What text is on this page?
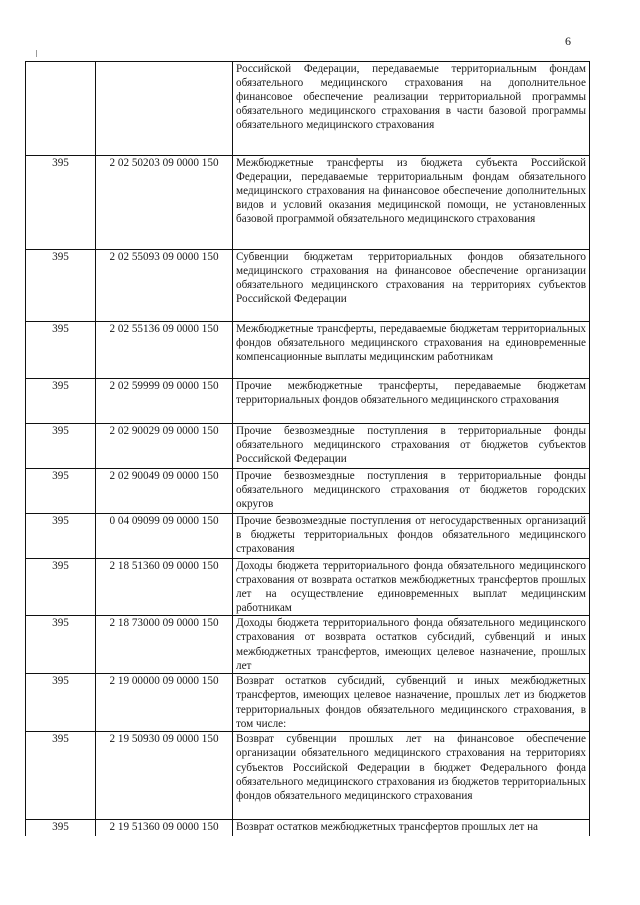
6

		Российской Федерации, передаваемые территориальным фондам обязательного медицинского страхования на дополнительное финансовое обеспечение реализации территориальной программы обязательного медицинского страхования в части базовой программы обязательного медицинского страхования

395	2 02 50203 09 0000 150	Межбюджетные трансферты из бюджета субъекта Российской Федерации, передаваемые территориальным фондам обязательного медицинского страхования на финансовое обеспечение дополнительных видов и условий оказания медицинской помощи, не установленных базовой программой обязательного медицинского страхования

395	2 02 55093 09 0000 150	Субвенции бюджетам территориальных фондов обязательного медицинского страхования на финансовое обеспечение организации обязательного медицинского страхования на территориях субъектов Российской Федерации

395	2 02 55136 09 0000 150	Межбюджетные трансферты, передаваемые бюджетам территориальных фондов обязательного медицинского страхования на единовременные компенсационные выплаты медицинским работникам

395	2 02 59999 09 0000 150	Прочие межбюджетные трансферты, передаваемые бюджетам территориальных фондов обязательного медицинского страхования

395	2 02 90029 09 0000 150	Прочие безвозмездные поступления в территориальные фонды обязательного медицинского страхования от бюджетов субъектов Российской Федерации

395	2 02 90049 09 0000 150	Прочие безвозмездные поступления в территориальные фонды обязательного медицинского страхования от бюджетов городских округов

395	0 04 09099 09 0000 150	Прочие безвозмездные поступления от негосударственных организаций в бюджеты территориальных фондов обязательного медицинского страхования

395	2 18 51360 09 0000 150	Доходы бюджета территориального фонда обязательного медицинского страхования от возврата остатков межбюджетных трансфертов прошлых лет на осуществление единовременных выплат медицинским работникам

395	2 18 73000 09 0000 150	Доходы бюджета территориального фонда обязательного медицинского страхования от возврата остатков субсидий, субвенций и иных межбюджетных трансфертов, имеющих целевое назначение, прошлых лет

395	2 19 00000 09 0000 150	Возврат остатков субсидий, субвенций и иных межбюджетных трансфертов, имеющих целевое назначение, прошлых лет из бюджетов территориальных фондов обязательного медицинского страхования, в том числе:

395	2 19 50930 09 0000 150	Возврат субвенции прошлых лет на финансовое обеспечение организации обязательного медицинского страхования на территориях субъектов Российской Федерации в бюджет Федерального фонда обязательного медицинского страхования из бюджетов территориальных фондов обязательного медицинского страхования

395	2 19 51360 09 0000 150	Возврат остатков межбюджетных трансфертов прошлых лет на
